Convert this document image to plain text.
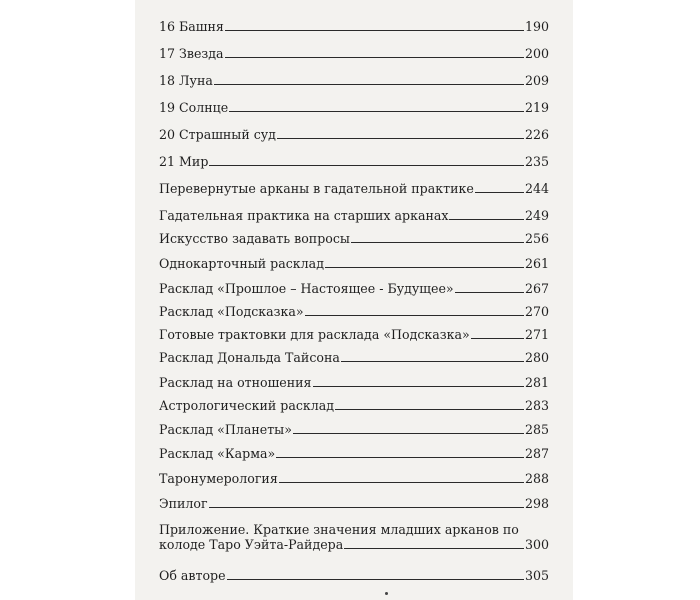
16 Башня	190
17 Звезда	200
18 Луна	209
19 Солнце	219
20 Страшный суд	226
21 Мир	235
Перевернутые арканы в гадательной практике	244
Гадательная практика на старших арканах	249
Искусство задавать вопросы	256
Однокарточный расклад	261
Расклад «Прошлое – Настоящее - Будущее»	267
Расклад «Подсказка»	270
Готовые трактовки для расклада «Подсказка»	271
Расклад Дональда Тайсона	280
Расклад на отношения	281
Астрологический расклад	283
Расклад «Планеты»	285
Расклад «Карма»	287
Таронумерология	288
Эпилог	298
Приложение. Краткие значения младших арканов по
колоде Таро Уэйта-Райдера	300
Об авторе	305
